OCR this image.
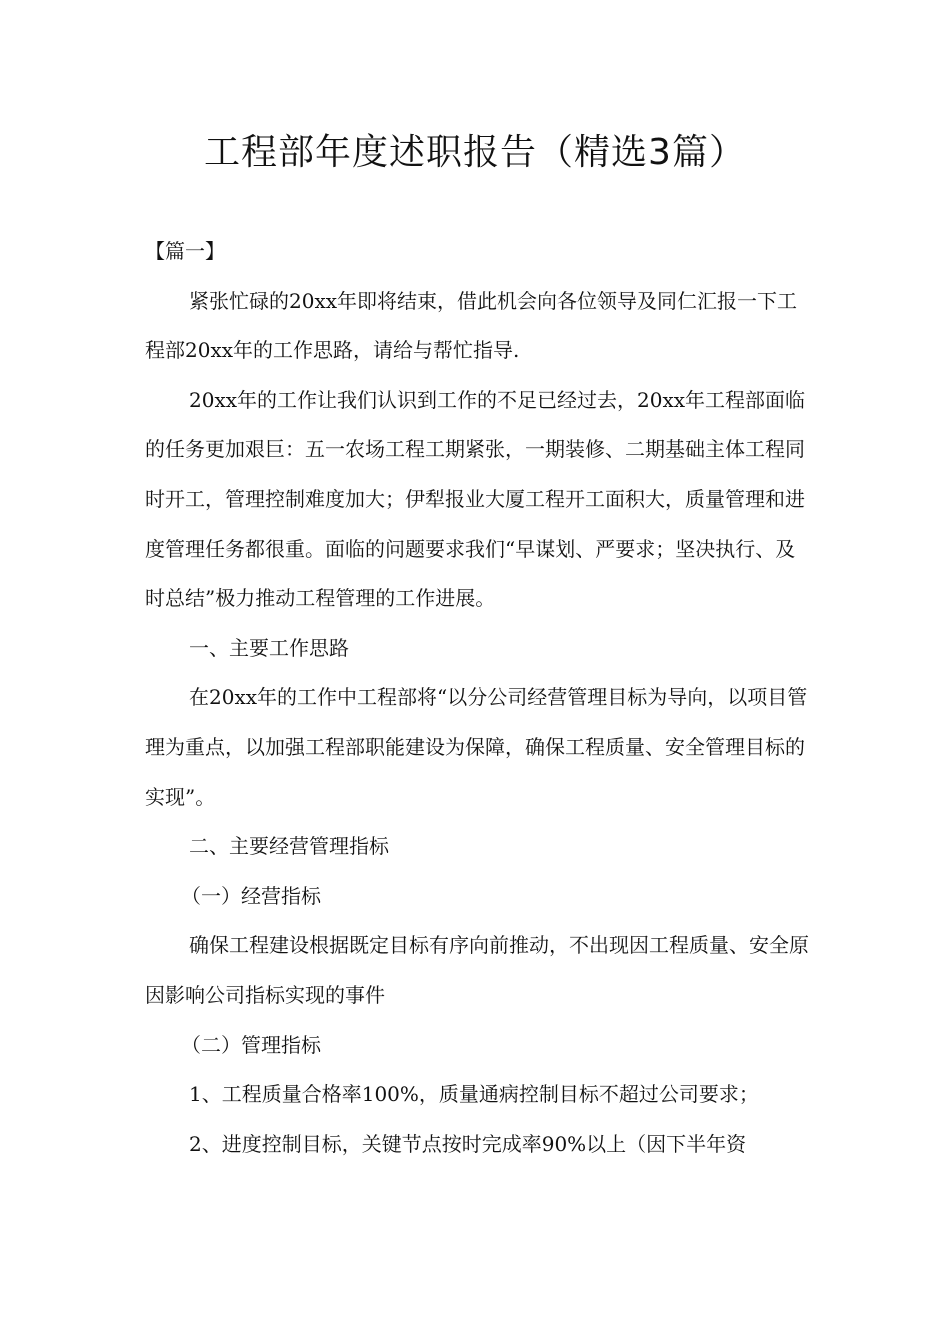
工程部年度述职报告（精选3篇）

【篇一】

紧张忙碌的20xx年即将结束，借此机会向各位领导及同仁汇报一下工程部20xx年的工作思路，请给与帮忙指导.

20xx年的工作让我们认识到工作的不足已经过去，20xx年工程部面临的任务更加艰巨：五一农场工程工期紧张，一期装修、二期基础主体工程同时开工，管理控制难度加大；伊犁报业大厦工程开工面积大，质量管理和进度管理任务都很重。面临的问题要求我们“早谋划、严要求；坚决执行、及时总结”极力推动工程管理的工作进展。

一、主要工作思路

在20xx年的工作中工程部将“以分公司经营管理目标为导向，以项目管理为重点，以加强工程部职能建设为保障，确保工程质量、安全管理目标的实现”。

二、主要经营管理指标

（一）经营指标

确保工程建设根据既定目标有序向前推动，不出现因工程质量、安全原因影响公司指标实现的事件

（二）管理指标

1、工程质量合格率100%，质量通病控制目标不超过公司要求；

2、进度控制目标，关键节点按时完成率90%以上（因下半年资
